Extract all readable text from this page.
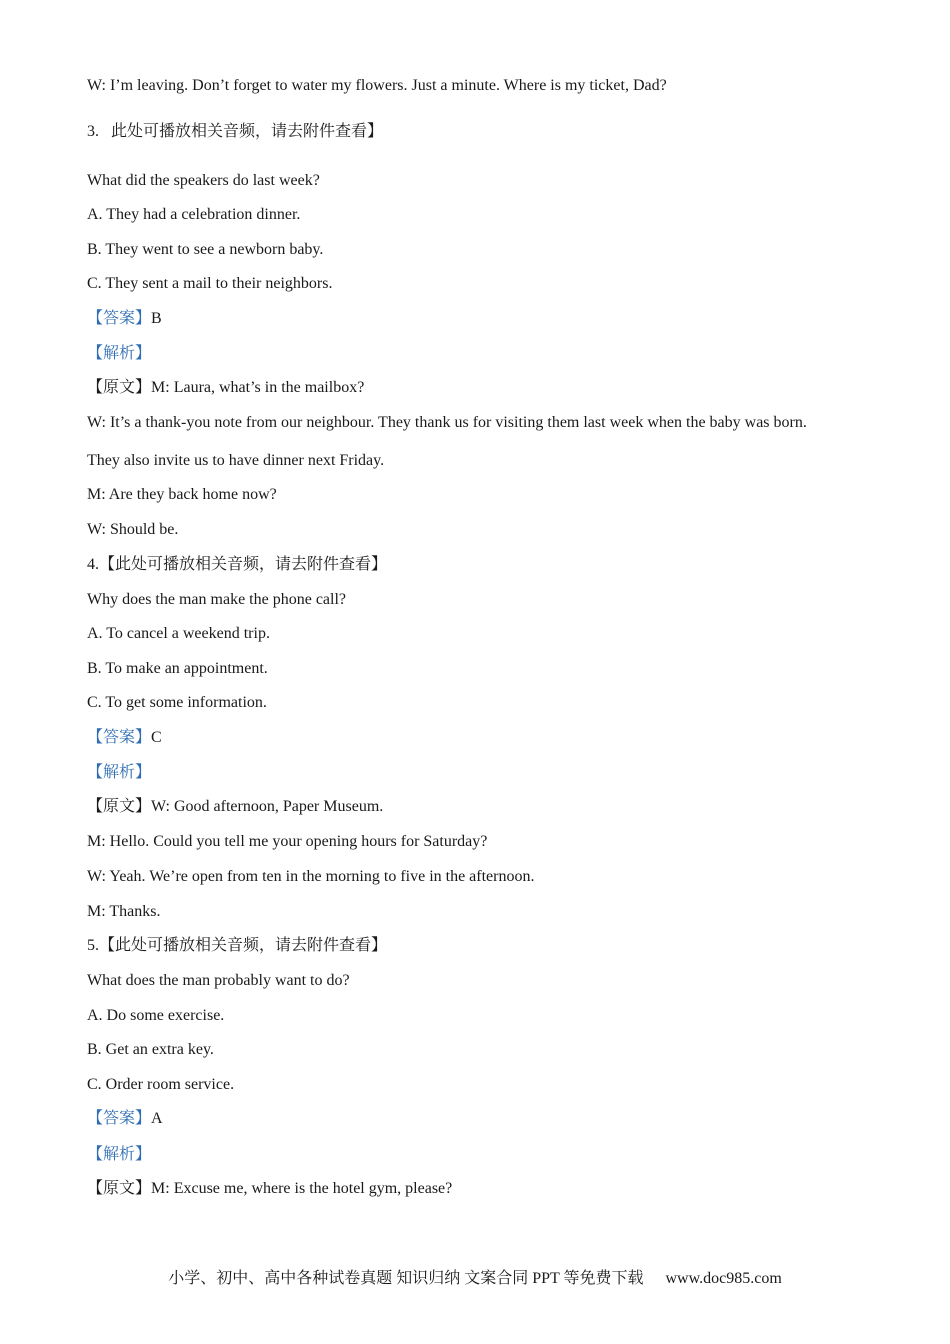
W: I’m leaving. Don’t forget to water my flowers. Just a minute. Where is my ticket, Dad?
3. 此处可播放相关音频，请去附件查看】
What did the speakers do last week?
A. They had a celebration dinner.
B. They went to see a newborn baby.
C. They sent a mail to their neighbors.
【答案】B
【解析】
【原文】M: Laura, what’s in the mailbox?
W: It’s a thank-you note from our neighbour. They thank us for visiting them last week when the baby was born.
They also invite us to have dinner next Friday.
M: Are they back home now?
W: Should be.
4.【此处可播放相关音频，请去附件查看】
Why does the man make the phone call?
A. To cancel a weekend trip.
B. To make an appointment.
C. To get some information.
【答案】C
【解析】
【原文】W: Good afternoon, Paper Museum.
M: Hello. Could you tell me your opening hours for Saturday?
W: Yeah. We’re open from ten in the morning to five in the afternoon.
M: Thanks.
5.【此处可播放相关音频，请去附件查看】
What does the man probably want to do?
A. Do some exercise.
B. Get an extra key.
C. Order room service.
【答案】A
【解析】
【原文】M: Excuse me, where is the hotel gym, please?
小学、初中、高中各种试卷真题 知识归纳 文案合同 PPT 等免费下载 www.doc985.com
